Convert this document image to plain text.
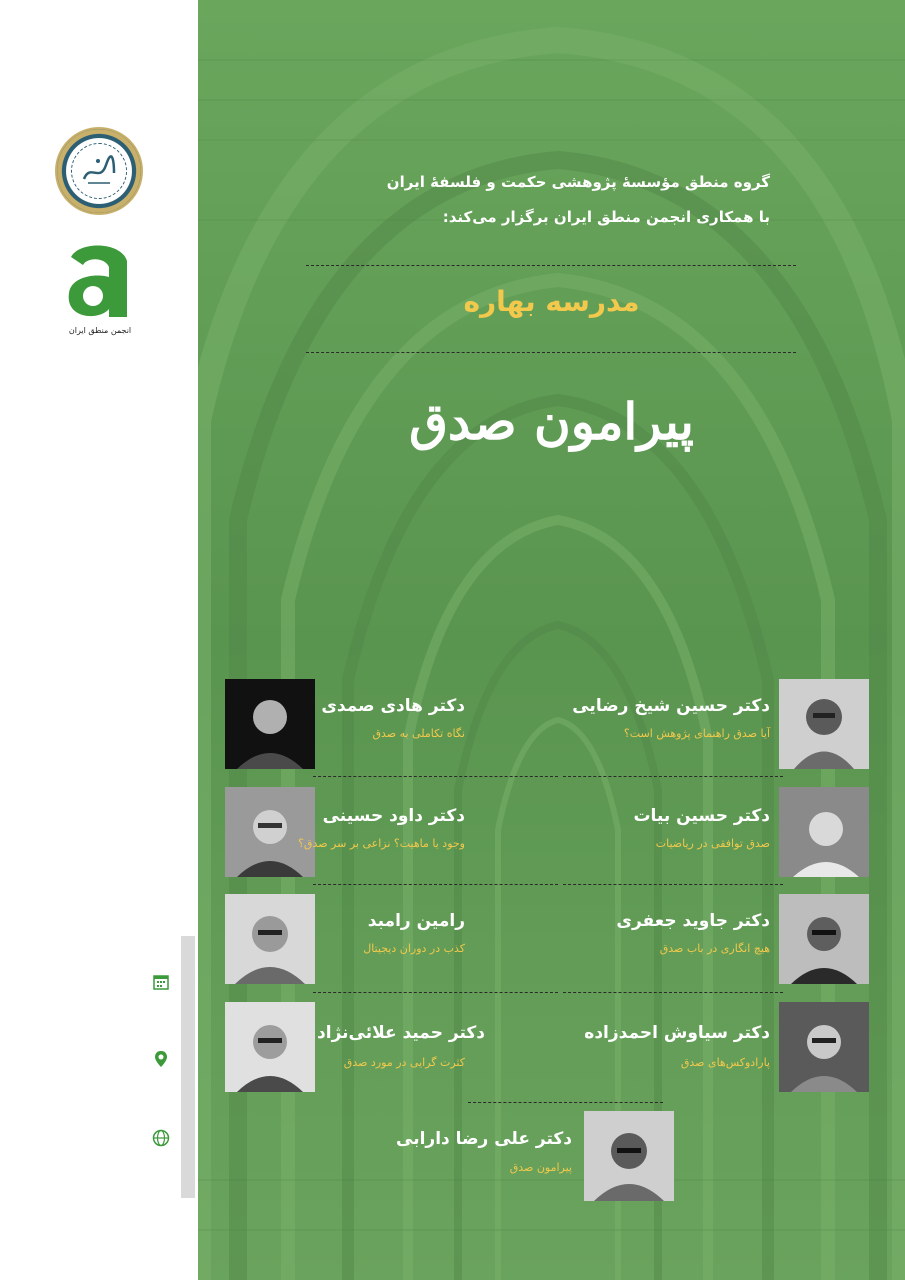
انجمن منطق ایران
گروه منطق مؤسسهٔ پژوهشی حکمت و فلسفهٔ ایران
با همکاری انجمن منطق ایران برگزار می‌کند:
مدرسه بهاره
پیرامون صدق
دکتر حسین شیخ رضایی
آیا صدق راهنمای پژوهش است؟
دکتر هادی صمدی
نگاه تکاملی به صدق
دکتر حسین بیات
صدق توافقی در ریاضیات
دکتر داود حسینی
وجود یا ماهیت؟ نزاعی بر سر صدق؟
دکتر جاوید جعفری
هیچ انگاری در باب صدق
رامین رامبد
کذب در دوران دیجیتال
دکتر سیاوش احمدزاده
پارادوکس‌های صدق
دکتر حمید علائی‌نژاد
کثرت گرایی در مورد صدق
دکتر علی رضا دارابی
پیرامون صدق
